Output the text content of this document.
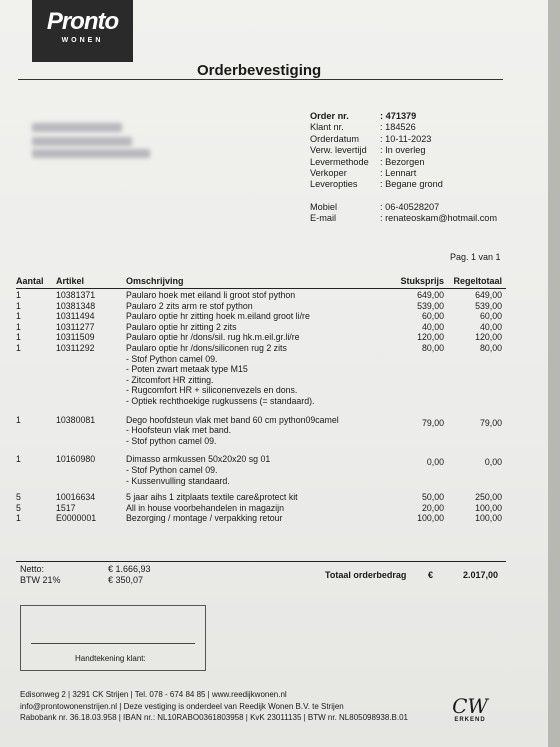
Pronto
WONEN
Orderbevestiging
Order nr.	: 471379
Klant nr.	: 184526
Orderdatum	: 10-11-2023
Verw. levertijd	: In overleg
Levermethode	: Bezorgen
Verkoper	: Lennart
Leveropties	: Begane grond
Mobiel	: 06-40528207
E-mail	: renateoskam@hotmail.com
Pag. 1 van 1
Aantal Artikel	Omschrijving	Stuksprijs Regeltotaal
1	10381371	Paularo hoek met eiland li groot stof python	649,00	649,00
1	10381348	Paularo 2 zits arm re stof python	539,00	539,00
1	10311494	Paularo optie hr zitting hoek m.eiland groot li/re	60,00	60,00
1	10311277	Paularo optie hr zitting 2 zits	40,00	40,00
1	10311509	Paularo optie hr /dons/sil. rug hk.m.eil.gr.li/re	120,00	120,00
1	10311292	Paularo optie hr /dons/siliconen rug 2 zits	80,00	80,00
- Stof Python camel 09.
- Poten zwart metaak type M15
- Zitcomfort HR zitting.
- Rugcomfort HR + siliconenvezels en dons.
- Optiek rechthoekige rugkussens (= standaard).
1	10380081	Dego hoofdsteun vlak met band 60 cm python09camel	79,00	79,00
- Hoofsteun vlak met band.
- Stof python camel 09.
1	10160980	Dimasso armkussen 50x20x20 sg 01	0,00	0,00
- Stof Python camel 09.
- Kussenvulling standaard.
5	10016634	5 jaar aihs 1 zitplaats textile care&protect kit	50,00	250,00
5	1517	All in house voorbehandelen in magazijn	20,00	100,00
1	E0000001	Bezorging / montage / verpakking retour	100,00	100,00
Netto:	€ 1.666,93
BTW 21%	€ 350,07	Totaal orderbedrag €	2.017,00
Handtekening klant:
Edisonweg 2 | 3291 CK Strijen | Tel. 078 - 674 84 85 | www.reedijkwonen.nl
info@prontowonenstrijen.nl | Deze vestiging is onderdeel van Reedijk Wonen B.V. te Strijen
Rabobank nr. 36.18.03.958 | IBAN nr.: NL10RABO0361803958 | KvK 23011135 | BTW nr. NL805098938.B.01	CW
ERKEND
